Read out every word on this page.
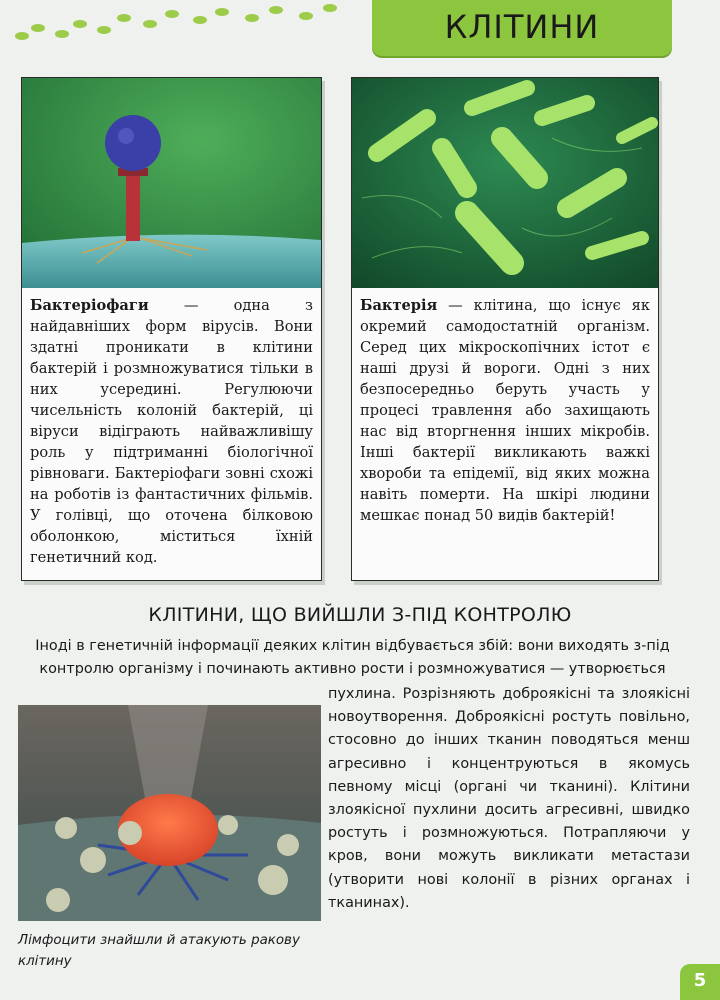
КЛІТИНИ
Бактеріофаги — одна з найдавніших форм вірусів. Вони здатні проникати в клітини бактерій і розмножуватися тільки в них усередині. Регулюючи чисельність колоній бактерій, ці віруси відіграють найважливішу роль у підтриманні біологічної рівноваги. Бактеріофаги зовні схожі на роботів із фантастичних фільмів. У голівці, що оточена білковою оболонкою, міститься їхній генетичний код.
Бактерія — клітина, що існує як окремий самодостатній організм. Серед цих мікроскопічних істот є наші друзі й вороги. Одні з них безпосередньо беруть участь у процесі травлення або захищають нас від вторгнення інших мікробів. Інші бактерії викликають важкі хвороби та епідемії, від яких можна навіть померти. На шкірі людини мешкає понад 50 видів бактерій!
КЛІТИНИ, ЩО ВИЙШЛИ З-ПІД КОНТРОЛЮ
Іноді в генетичній інформації деяких клітин відбувається збій: вони виходять з-під контролю організму і починають активно рости і розмножуватися — утворюється
пухлина. Розрізняють доброякісні та злоякісні новоутворення. Доброякісні ростуть повільно, стосовно до інших тканин поводяться менш агресивно і концентруються в якомусь певному місці (органі чи тканині). Клітини злоякісної пухлини досить агресивні, швидко ростуть і розмножуються. Потрапляючи у кров, вони можуть викликати метастази (утворити нові колонії в різних органах і тканинах).
Лімфоцити знайшли й атакують ракову клітину
5
